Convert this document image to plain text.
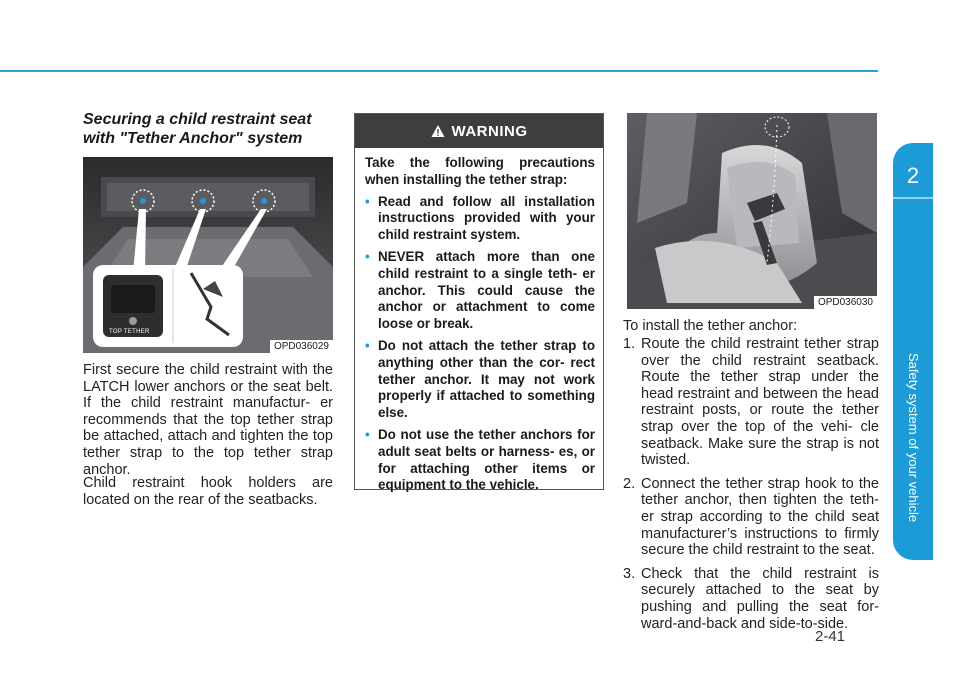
2
Safety system of your vehicle
Securing a child restraint seat with "Tether Anchor" system
TOP TETHER
OPD036029

First secure the child restraint with the LATCH lower anchors or the seat belt. If the child restraint manufactur- er recommends that the top tether strap be attached, attach and tighten the top tether strap to the top tether strap anchor.

Child restraint hook holders are located on the rear of the seatbacks.

WARNING

Take the following precautions when installing the tether strap:

• Read and follow all installation instructions provided with your child restraint system.
• NEVER attach more than one child restraint to a single teth- er anchor. This could cause the anchor or attachment to come loose or break.
• Do not attach the tether strap to anything other than the cor- rect tether anchor. It may not work properly if attached to something else.
• Do not use the tether anchors for adult seat belts or harness- es, or for attaching other items or equipment to the vehicle.
OPD036030

To install the tether anchor:

1. Route the child restraint tether strap over the child restraint seatback. Route the tether strap under the head restraint and between the head restraint posts, or route the tether strap over the top of the vehi- cle seatback. Make sure the strap is not twisted.
2. Connect the tether strap hook to the tether anchor, then tighten the teth- er strap according to the child seat manufacturer’s instructions to firmly secure the child restraint to the seat.
3. Check that the child restraint is securely attached to the seat by pushing and pulling the seat for- ward-and-back and side-to-side.
2-41
